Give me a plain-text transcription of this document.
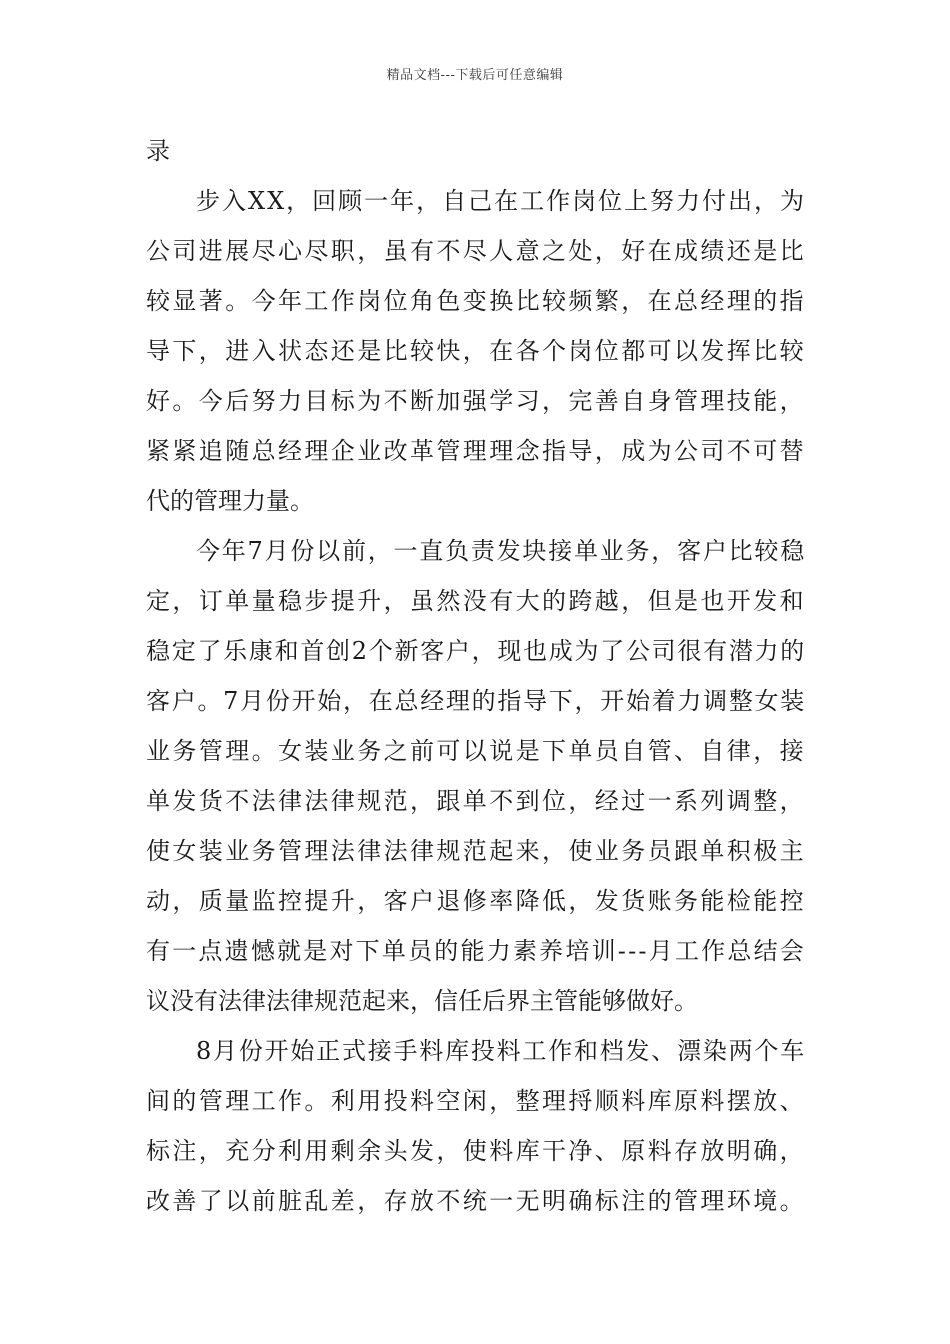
精品文档---下载后可任意编辑
录
步入XX，回顾一年，自己在工作岗位上努力付出，为
公司进展尽心尽职，虽有不尽人意之处，好在成绩还是比
较显著。今年工作岗位角色变换比较频繁，在总经理的指
导下，进入状态还是比较快，在各个岗位都可以发挥比较
好。今后努力目标为不断加强学习，完善自身管理技能，
紧紧追随总经理企业改革管理理念指导，成为公司不可替
代的管理力量。
今年7月份以前，一直负责发块接单业务，客户比较稳
定，订单量稳步提升，虽然没有大的跨越，但是也开发和
稳定了乐康和首创2个新客户，现也成为了公司很有潜力的
客户。7月份开始，在总经理的指导下，开始着力调整女装
业务管理。女装业务之前可以说是下单员自管、自律，接
单发货不法律法律规范，跟单不到位，经过一系列调整，
使女装业务管理法律法律规范起来，使业务员跟单积极主
动，质量监控提升，客户退修率降低，发货账务能检能控
有一点遗憾就是对下单员的能力素养培训---月工作总结会
议没有法律法律规范起来，信任后界主管能够做好。
8月份开始正式接手料库投料工作和档发、漂染两个车
间的管理工作。利用投料空闲，整理捋顺料库原料摆放、
标注，充分利用剩余头发，使料库干净、原料存放明确，
改善了以前脏乱差，存放不统一无明确标注的管理环境。
